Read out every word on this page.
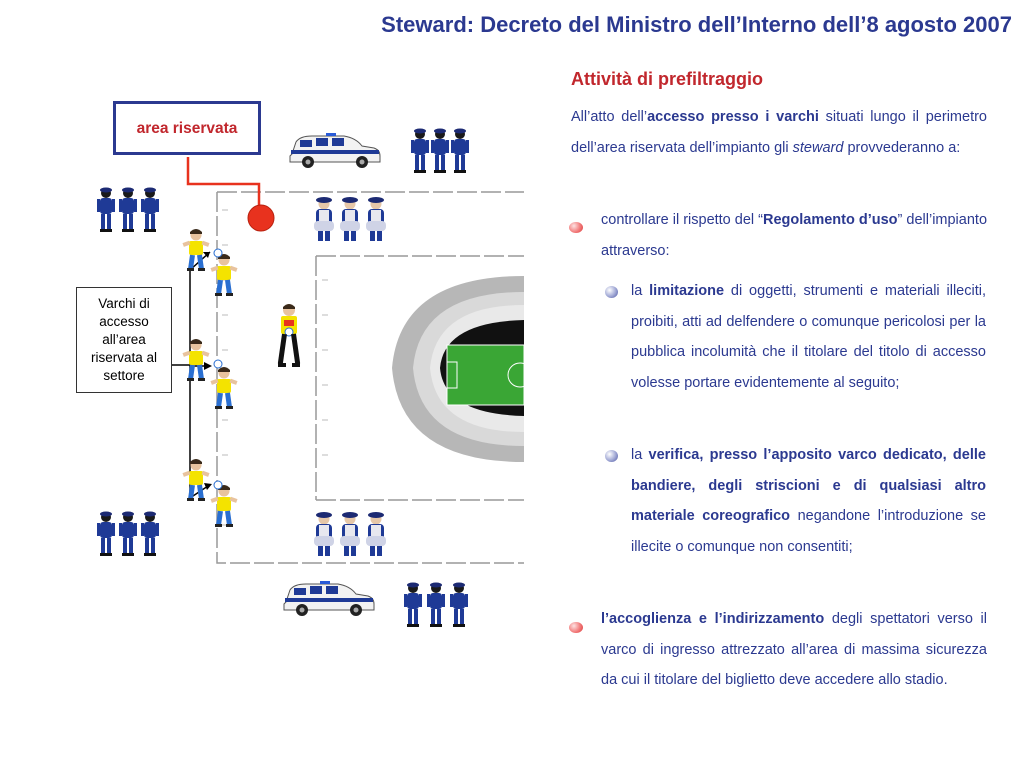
Steward: Decreto del Ministro dell’Interno dell’8 agosto 2007
area riservata
Varchi di accesso all’area riservata al settore
Attività di prefiltraggio
All’atto dell’accesso presso i varchi situati lungo il perimetro dell’area riservata dell’impianto gli steward provvederanno a:
controllare il rispetto del “Regolamento d’uso” dell’impianto attraverso:
la limitazione di oggetti, strumenti e materiali illeciti, proibiti, atti ad delfendere o comunque pericolosi per la pubblica incolumità che il titolare del titolo di accesso volesse portare evidentemente al seguito;
la verifica, presso l’apposito varco dedicato, delle bandiere, degli striscioni e di qualsiasi altro materiale coreografico negandone l’introduzione se illecite o comunque non consentiti;
l’accoglienza e l’indirizzamento degli spettatori verso il varco di ingresso attrezzato all’area di massima sicurezza da cui il titolare del biglietto deve accedere allo stadio.
